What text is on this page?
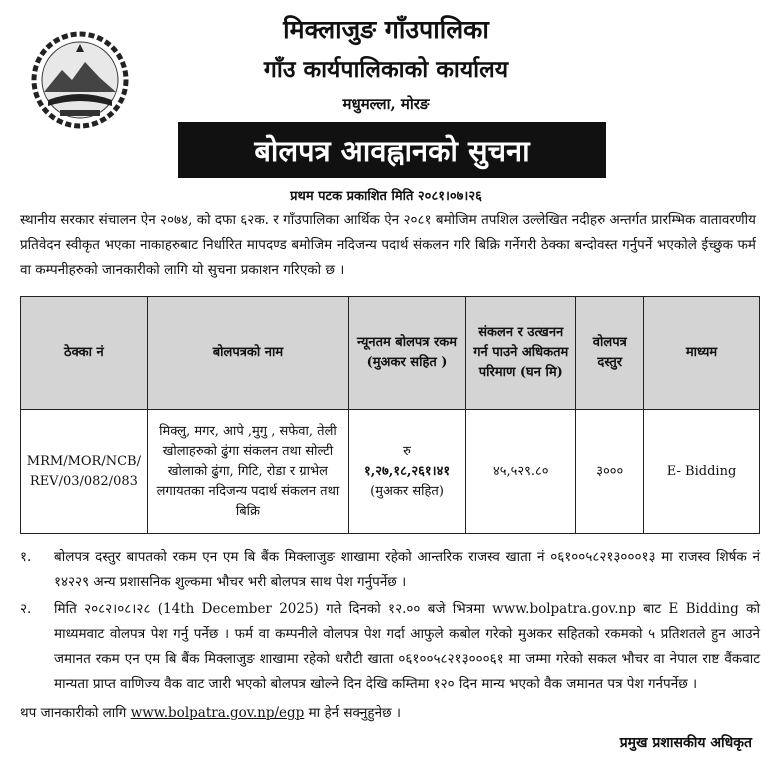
मिक्लाजुङ गाँउपालिका
गाँउ कार्यपालिकाको कार्यालय
मधुमल्ला, मोरङ
बोलपत्र आवह्नानको सुचना
प्रथम पटक प्रकाशित मिति २०८१।०७।२६
स्थानीय सरकार संचालन ऐन २०७४, को दफा ६२क. र गाँउपालिका आर्थिक ऐन २०८१ बमोजिम तपशिल उल्लेखित नदीहरु अन्तर्गत प्रारम्भिक वातावरणीय प्रतिवेदन स्वीकृत भएका नाकाहरुबाट निर्धारित मापदण्ड बमोजिम नदिजन्य पदार्थ संकलन गरि बिक्रि गर्नेगरी ठेक्का बन्दोवस्त गर्नुपर्ने भएकोले ईच्छुक फर्म वा कम्पनीहरुको जानकारीको लागि यो सुचना प्रकाशन गरिएको छ ।
ठेक्का नं	बोलपत्रको नाम	न्यूनतम बोलपत्र रकम (मुअकर सहित )	संकलन र उत्खनन गर्न पाउने अधिकतम परिमाण (घन मि)	वोलपत्र दस्तुर	माध्यम
MRM/MOR/NCB/ REV/03/082/083	मिक्लु, मगर, आपे ,मुगु , सफेवा, तेली खोलाहरुको ढुंगा संकलन तथा सोल्टी खोलाको ढुंगा, गिटि, रोडा र ग्राभेल लगायतका नदिजन्य पदार्थ संकलन तथा बिक्रि	रु
१,२७,१८,२६१।४१
(मुअकर सहित)	४५,५२९.८०	३०००	E- Bidding
१.	बोलपत्र दस्तुर बापतको रकम एन एम बि बैंक मिक्लाजुङ शाखामा रहेको आन्तरिक राजस्व खाता नं ०६१००५८२१३०००१३ मा राजस्व शिर्षक नं १४२२९ अन्य प्रशासनिक शुल्कमा भौचर भरी बोलपत्र साथ पेश गर्नुपर्नेछ ।
२.	मिति २०८२।०८।२८ (14th December 2025) गते दिनको १२.०० बजे भित्रमा www.bolpatra.gov.np बाट E Bidding को माध्यमवाट वोलपत्र पेश गर्नु पर्नेछ । फर्म वा कम्पनीले वोलपत्र पेश गर्दा आफुले कबोल गरेको मुअकर सहितको रकमको ५ प्रतिशतले हुन आउने जमानत रकम एन एम बि बैंक मिक्लाजुङ शाखामा रहेको धरौटी खाता ०६१००५८२१३०००६१ मा जम्मा गरेको सकल भौचर वा नेपाल राष्ट वैंकवाट मान्यता प्राप्त वाणिज्य वैक वाट जारी भएको बोलपत्र खोल्ने दिन देखि कम्तिमा १२० दिन मान्य भएको वैक जमानत पत्र पेश गर्नपर्नेछ ।
थप जानकारीको लागि www.bolpatra.gov.np/egp मा हेर्न सक्नुहुनेछ ।
प्रमुख प्रशासकीय अधिकृत
